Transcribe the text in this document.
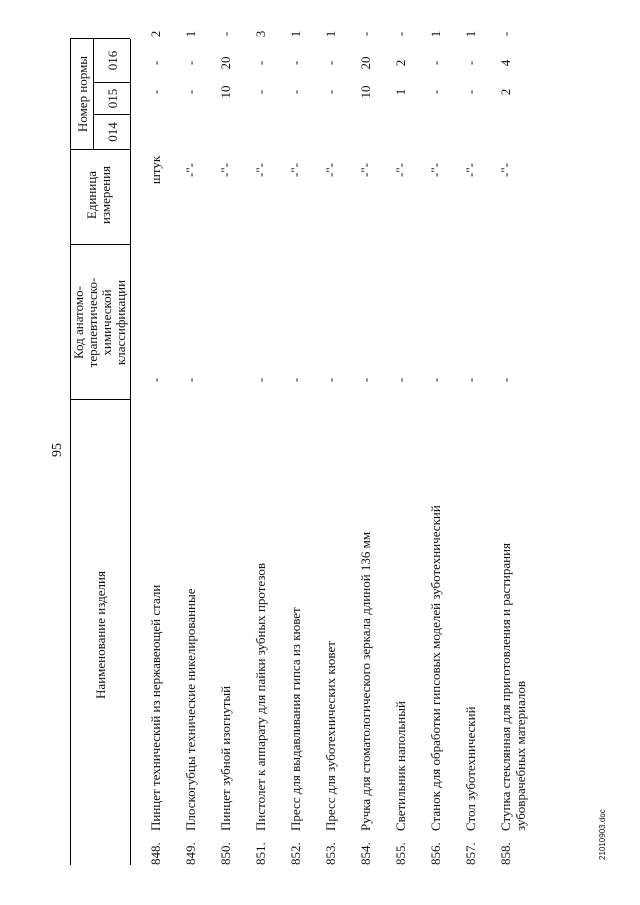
95
Наименование изделия
Код анатомо-терапевтическо-химической классификации
Единица измерения
Номер нормы 014
015
016
848.
Пинцет технический из нержавеющей стали
-
штук
-
-
2
849.
Плоскогубцы технические никелированные
-
-"-
-
-
1
850.
Пинцет зубной изогнутый
-"-
10
20
-
851.
Пистолет к аппарату для пайки зубных протезов
-
-"-
-
-
3
852.
Пресс для выдавливания гипса из кювет
-
-"-
-
-
1
853.
Пресс для зуботехнических кювет
-
-"-
-
-
1
854.
Ручка для стоматологического зеркала длиной 136 мм
-
-"-
10
20
-
855.
Светильник напольный
-
-"-
1
2
-
856.
Станок для обработки гипсовых моделей зуботехнический
-
-"-
-
-
1
857.
Стол зуботехнический
-
-"-
-
-
1
858.
Ступка стеклянная для приготовления и растирания зубоврачебных материалов
-
-"-
2
4
-
21010903.doc
